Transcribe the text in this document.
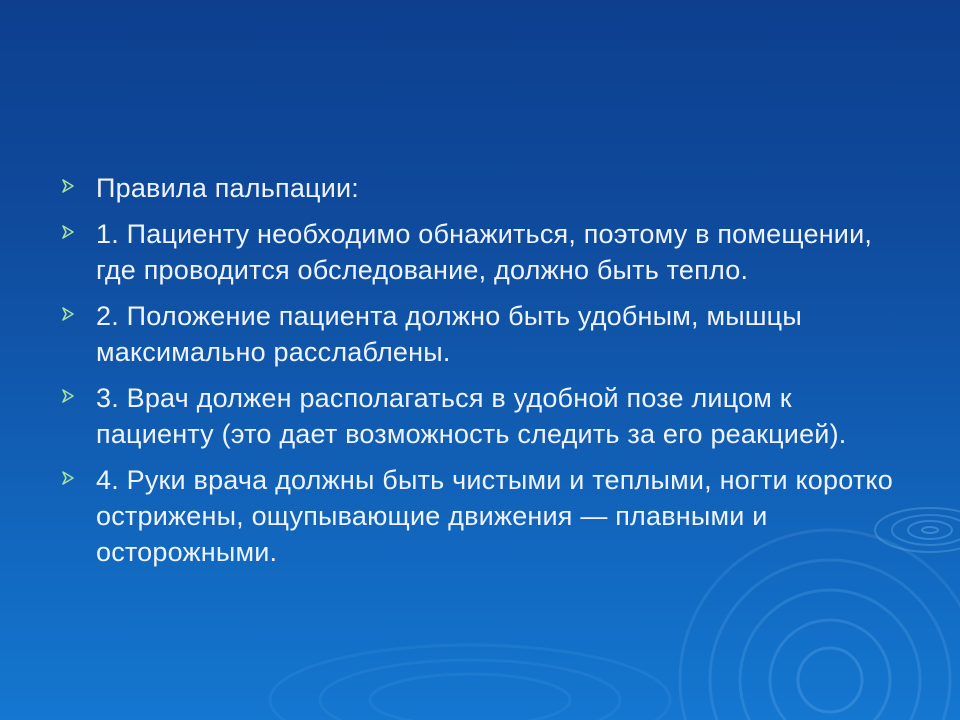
Правила пальпации:
1. Пациенту необходимо обнажиться, поэтому в помещении, где проводится обследование, должно быть тепло.
2. Положение пациента должно быть удобным, мышцы максимально расслаблены.
3. Врач должен располагаться в удобной позе лицом к пациенту (это дает возможность следить за его реакцией).
4. Руки врача должны быть чистыми и теплыми, ногти коротко острижены, ощупывающие движения — плавными и осторожными.
